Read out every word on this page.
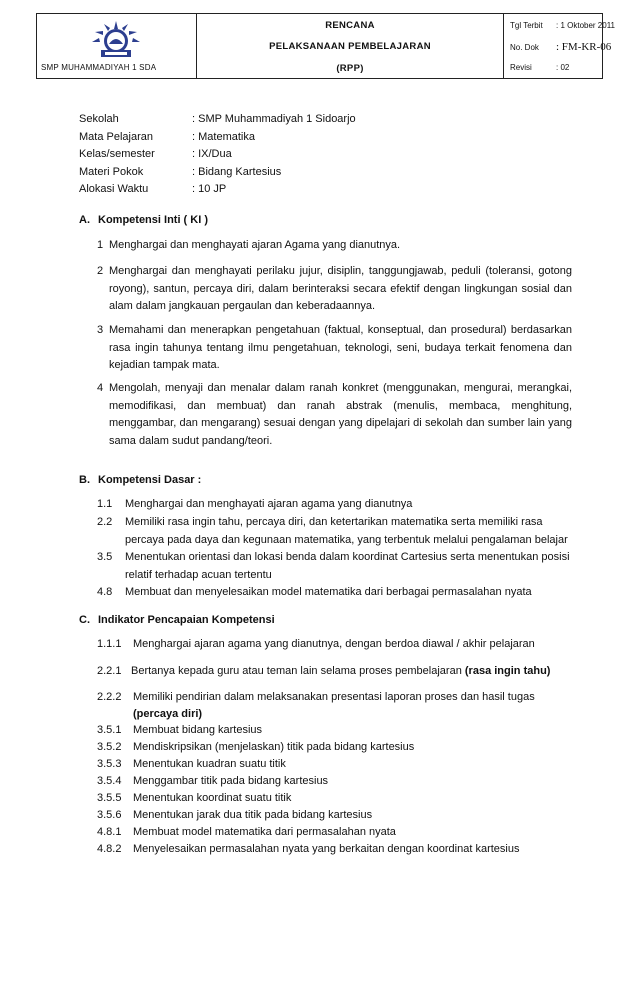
SMP MUHAMMADIYAH 1 SDA
RENCANA
PELAKSANAAN PEMBELAJARAN
(RPP)
Tgl Terbit : 1 Oktober 2011
No. Dok : FM-KR-06
Revisi	: 02
Sekolah	: SMP Muhammadiyah 1 Sidoarjo
Mata Pelajaran	: Matematika
Kelas/semester	: IX/Dua
Materi Pokok	: Bidang Kartesius
Alokasi Waktu	: 10 JP
A. Kompetensi Inti ( KI )
1 Menghargai dan menghayati ajaran Agama yang dianutnya.
2 Menghargai dan menghayati perilaku jujur, disiplin, tanggungjawab, peduli (toleransi, gotong royong), santun, percaya diri, dalam berinteraksi secara efektif dengan lingkungan sosial dan alam dalam jangkauan pergaulan dan keberadaannya.
3 Memahami dan menerapkan pengetahuan (faktual, konseptual, dan prosedural) berdasarkan rasa ingin tahunya tentang ilmu pengetahuan, teknologi, seni, budaya terkait fenomena dan kejadian tampak mata.
4 Mengolah, menyaji dan menalar dalam ranah konkret (menggunakan, mengurai, merangkai, memodifikasi, dan membuat) dan ranah abstrak (menulis, membaca, menghitung, menggambar, dan mengarang) sesuai dengan yang dipelajari di sekolah dan sumber lain yang sama dalam sudut pandang/teori.
B. Kompetensi Dasar :
1.1	Menghargai dan menghayati ajaran agama yang dianutnya
2.2	Memiliki rasa ingin tahu, percaya diri, dan ketertarikan matematika serta memiliki rasa percaya pada daya dan kegunaan matematika, yang terbentuk melalui pengalaman belajar
3.5	Menentukan orientasi dan lokasi benda dalam koordinat Cartesius serta menentukan posisi relatif terhadap acuan tertentu
4.8	Membuat dan menyelesaikan model matematika dari berbagai permasalahan nyata
C. Indikator Pencapaian Kompetensi
1.1.1 Menghargai ajaran agama yang dianutnya, dengan berdoa diawal / akhir pelajaran
2.2.1 Bertanya kepada guru atau teman lain selama proses pembelajaran (rasa ingin tahu)
2.2.2 Memiliki pendirian dalam melaksanakan presentasi laporan proses dan hasil tugas (percaya diri)
3.5.1 Membuat bidang kartesius
3.5.2 Mendiskripsikan (menjelaskan) titik pada bidang kartesius
3.5.3 Menentukan kuadran suatu titik
3.5.4 Menggambar titik pada bidang kartesius
3.5.5 Menentukan koordinat suatu titik
3.5.6 Menentukan jarak dua titik pada bidang kartesius
4.8.1 Membuat model matematika dari permasalahan nyata
4.8.2 Menyelesaikan permasalahan nyata yang berkaitan dengan koordinat kartesius
